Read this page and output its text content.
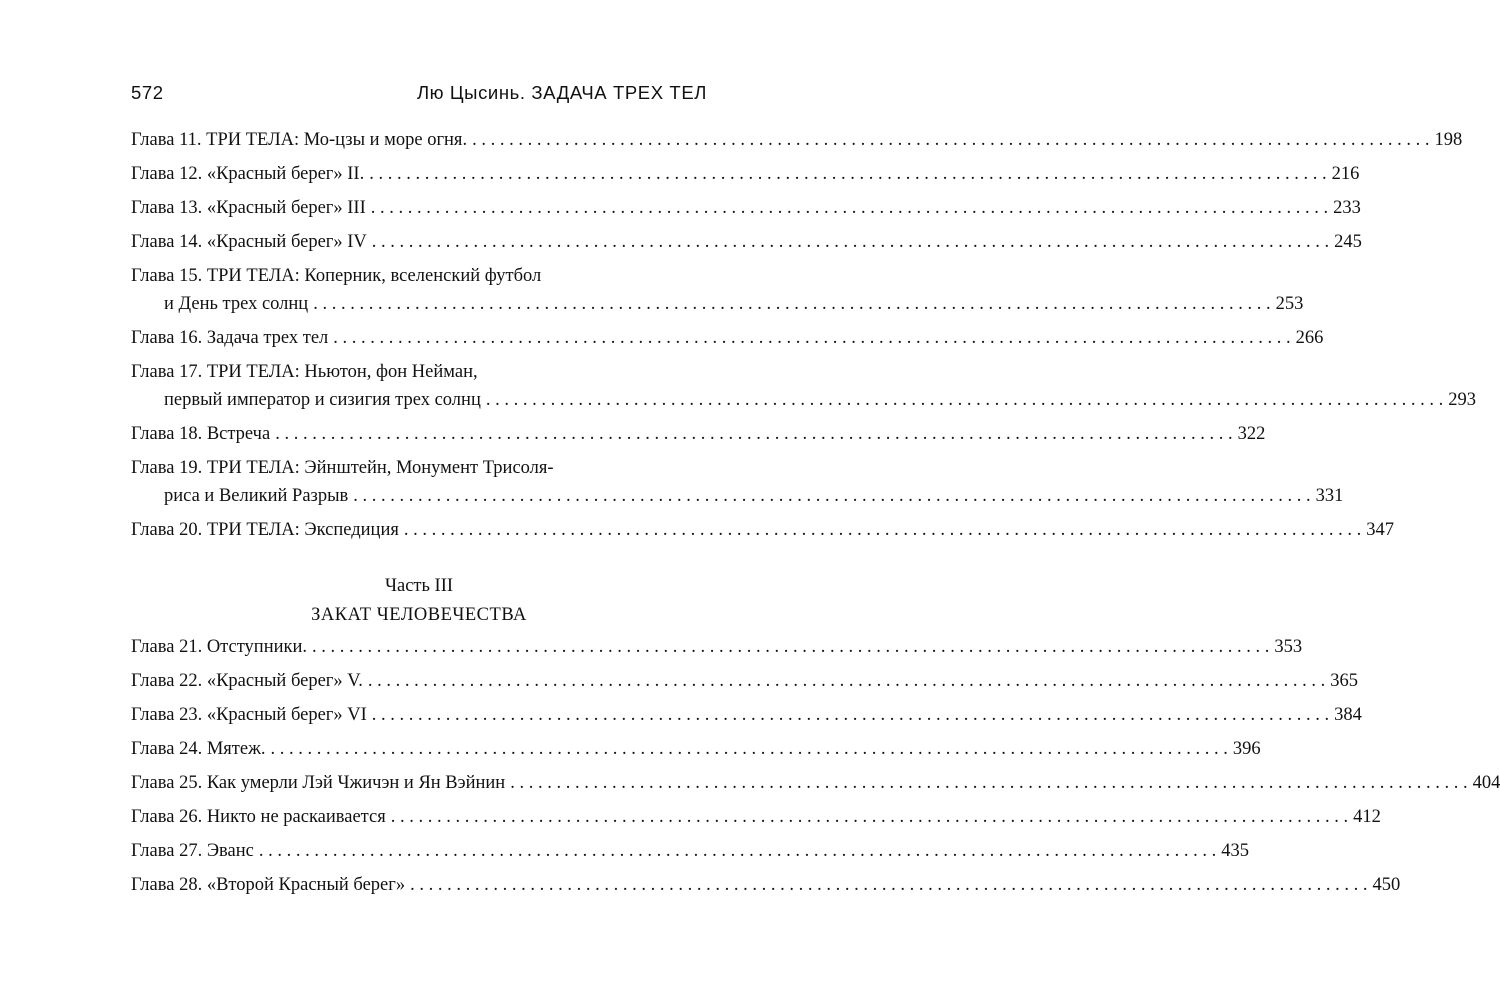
572	Лю Цысинь. ЗАДАЧА ТРЕХ ТЕЛ
Глава 11. ТРИ ТЕЛА: Мо-цзы и море огня. . . .	198
Глава 12. «Красный берег» II. . . .	216
Глава 13. «Красный берег» III . . .	233
Глава 14. «Красный берег» IV . . .	245
Глава 15. ТРИ ТЕЛА: Коперник, вселенский футбол
и День трех солнц . . .	253
Глава 16. Задача трех тел . . .	266
Глава 17. ТРИ ТЕЛА: Ньютон, фон Нейман,
первый император и сизигия трех солнц . . .	293
Глава 18. Встреча . . .	322
Глава 19. ТРИ ТЕЛА: Эйнштейн, Монумент Трисоля-
риса и Великий Разрыв . . .	331
Глава 20. ТРИ ТЕЛА: Экспедиция . . .	347
Часть III
ЗАКАТ ЧЕЛОВЕЧЕСТВА
Глава 21. Отступники. . . .	353
Глава 22. «Красный берег» V. . . .	365
Глава 23. «Красный берег» VI . . .	384
Глава 24. Мятеж. . . .	396
Глава 25. Как умерли Лэй Чжичэн и Ян Вэйнин . . .	404
Глава 26. Никто не раскаивается . . .	412
Глава 27. Эванс . . .	435
Глава 28. «Второй Красный берег» . . .	450
